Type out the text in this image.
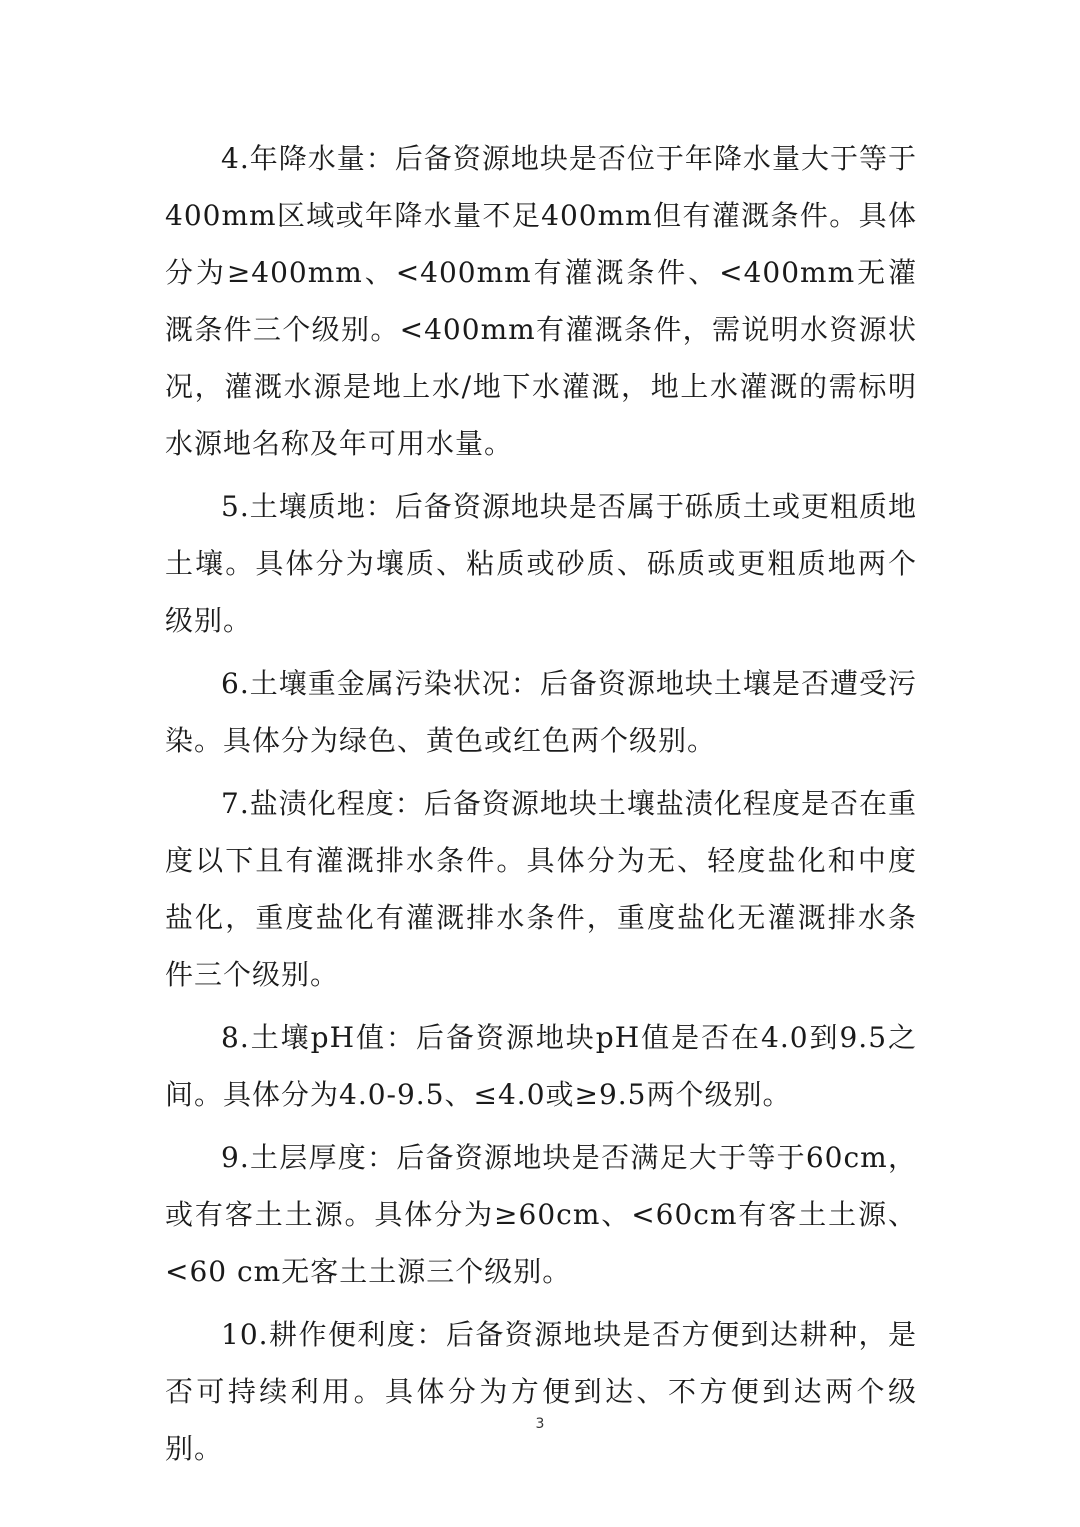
4.年降水量：后备资源地块是否位于年降水量大于等于400mm区域或年降水量不足400mm但有灌溉条件。具体分为≥400mm、<400mm有灌溉条件、<400mm无灌溉条件三个级别。<400mm有灌溉条件，需说明水资源状况，灌溉水源是地上水/地下水灌溉，地上水灌溉的需标明水源地名称及年可用水量。

5.土壤质地：后备资源地块是否属于砾质土或更粗质地土壤。具体分为壤质、粘质或砂质、砾质或更粗质地两个级别。

6.土壤重金属污染状况：后备资源地块土壤是否遭受污染。具体分为绿色、黄色或红色两个级别。

7.盐渍化程度：后备资源地块土壤盐渍化程度是否在重度以下且有灌溉排水条件。具体分为无、轻度盐化和中度盐化，重度盐化有灌溉排水条件，重度盐化无灌溉排水条件三个级别。

8.土壤pH值：后备资源地块pH值是否在4.0到9.5之间。具体分为4.0-9.5、≤4.0或≥9.5两个级别。

9.土层厚度：后备资源地块是否满足大于等于60cm，或有客土土源。具体分为≥60cm、<60cm有客土土源、<60 cm无客土土源三个级别。

10.耕作便利度：后备资源地块是否方便到达耕种，是否可持续利用。具体分为方便到达、不方便到达两个级别。

3
